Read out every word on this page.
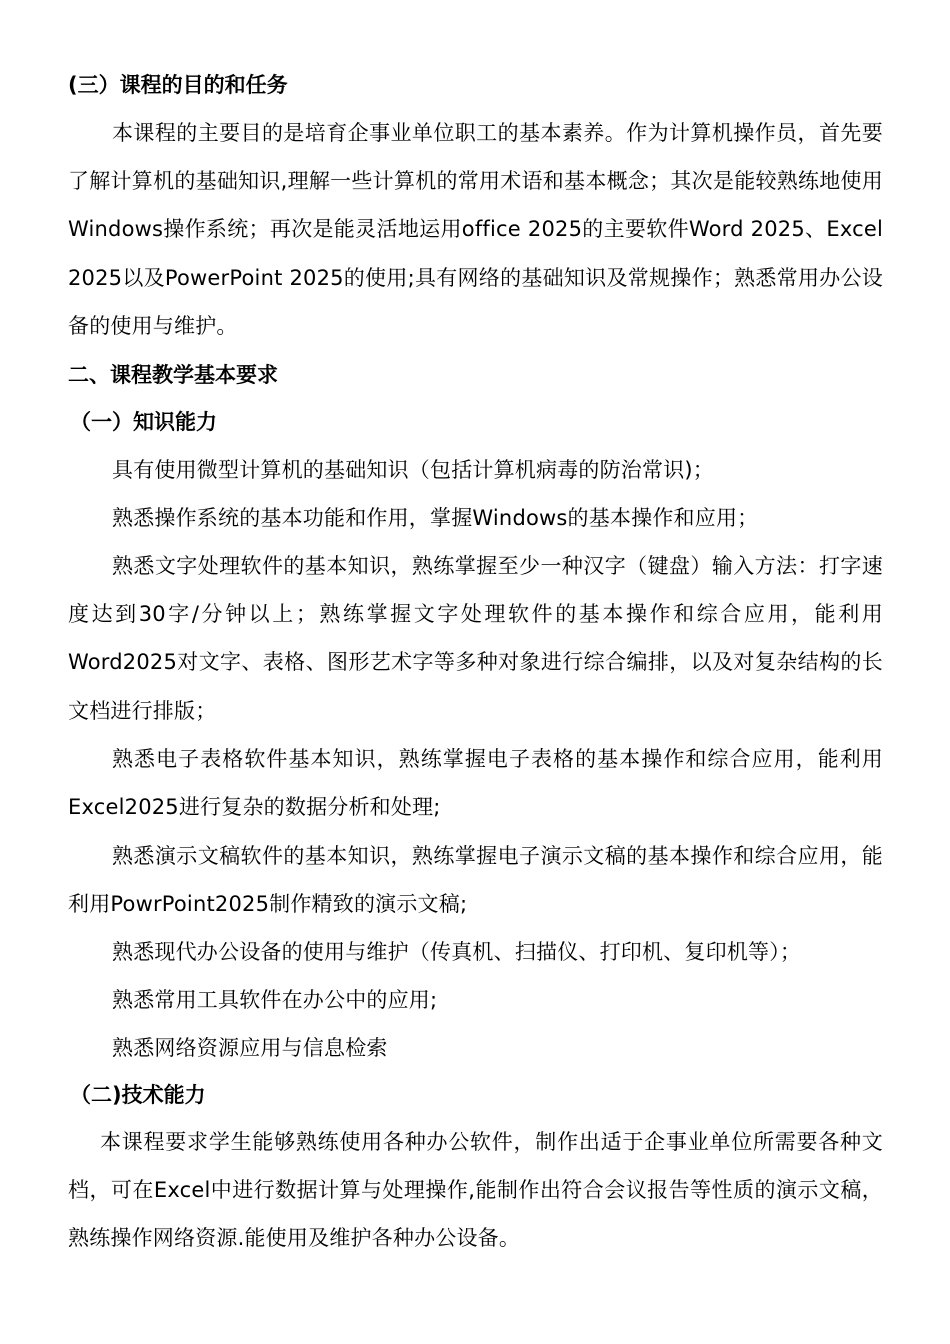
(三）课程的目的和任务
本课程的主要目的是培育企事业单位职工的基本素养。作为计算机操作员，首先要了解计算机的基础知识,理解一些计算机的常用术语和基本概念；其次是能较熟练地使用Windows操作系统；再次是能灵活地运用office 2025的主要软件Word 2025、Excel 2025以及PowerPoint 2025的使用;具有网络的基础知识及常规操作；熟悉常用办公设备的使用与维护。
二、课程教学基本要求
（一）知识能力
具有使用微型计算机的基础知识（包括计算机病毒的防治常识)；
熟悉操作系统的基本功能和作用，掌握Windows的基本操作和应用；
熟悉文字处理软件的基本知识，熟练掌握至少一种汉字（键盘）输入方法：打字速度达到30字/分钟以上；熟练掌握文字处理软件的基本操作和综合应用，能利用Word2025对文字、表格、图形艺术字等多种对象进行综合编排，以及对复杂结构的长文档进行排版；
熟悉电子表格软件基本知识，熟练掌握电子表格的基本操作和综合应用，能利用Excel2025进行复杂的数据分析和处理;
熟悉演示文稿软件的基本知识，熟练掌握电子演示文稿的基本操作和综合应用，能利用PowrPoint2025制作精致的演示文稿;
熟悉现代办公设备的使用与维护（传真机、扫描仪、打印机、复印机等）；
熟悉常用工具软件在办公中的应用;
熟悉网络资源应用与信息检索
（二)技术能力
本课程要求学生能够熟练使用各种办公软件，制作出适于企事业单位所需要各种文档，可在Excel中进行数据计算与处理操作,能制作出符合会议报告等性质的演示文稿，熟练操作网络资源.能使用及维护各种办公设备。
